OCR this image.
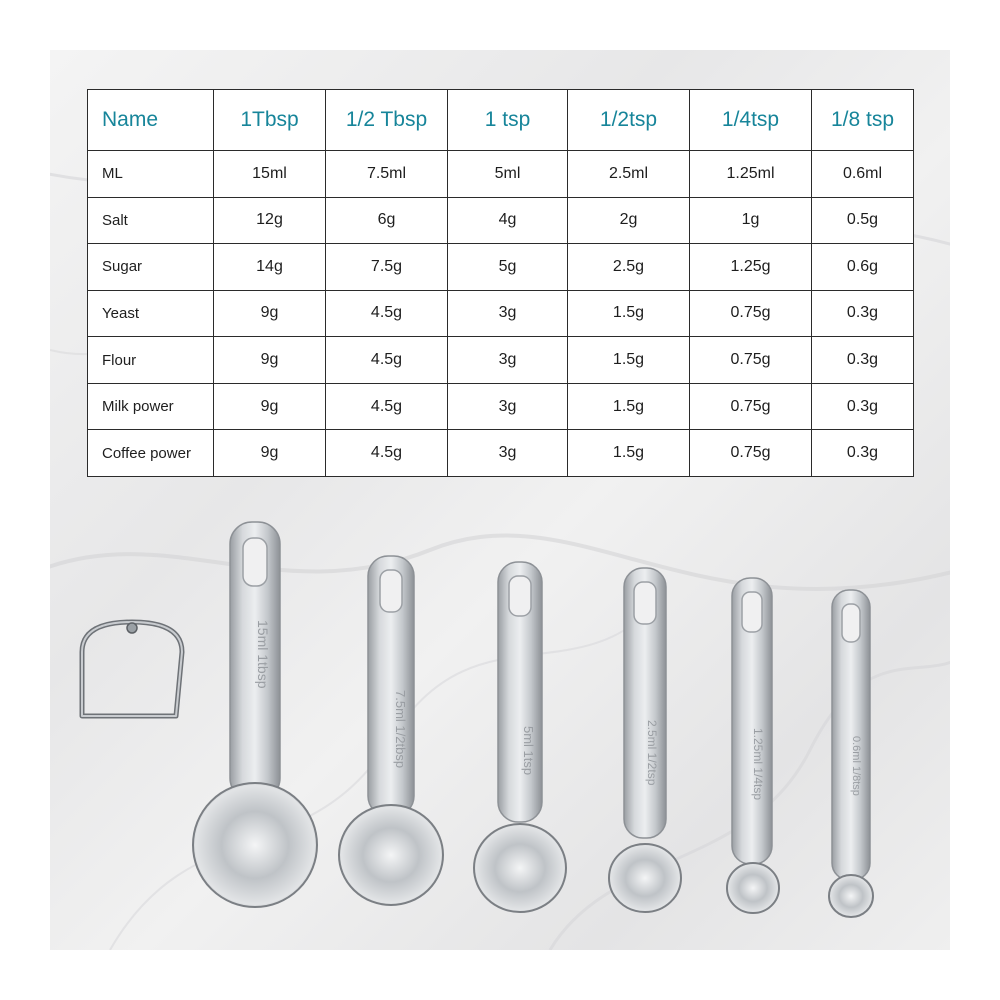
Name	1Tbsp	1/2 Tbsp	1 tsp	1/2tsp	1/4tsp	1/8 tsp
ML	15ml	7.5ml	5ml	2.5ml	1.25ml	0.6ml
Salt	12g	6g	4g	2g	1g	0.5g
Sugar	14g	7.5g	5g	2.5g	1.25g	0.6g
Yeast	9g	4.5g	3g	1.5g	0.75g	0.3g
Flour	9g	4.5g	3g	1.5g	0.75g	0.3g
Milk power	9g	4.5g	3g	1.5g	0.75g	0.3g
Coffee power	9g	4.5g	3g	1.5g	0.75g	0.3g
15ml 1tbsp
7.5ml 1/2tbsp	5ml 1tsp	2.5ml 1/2tsp	1.25ml 1/4tsp	0.6ml 1/8tsp
